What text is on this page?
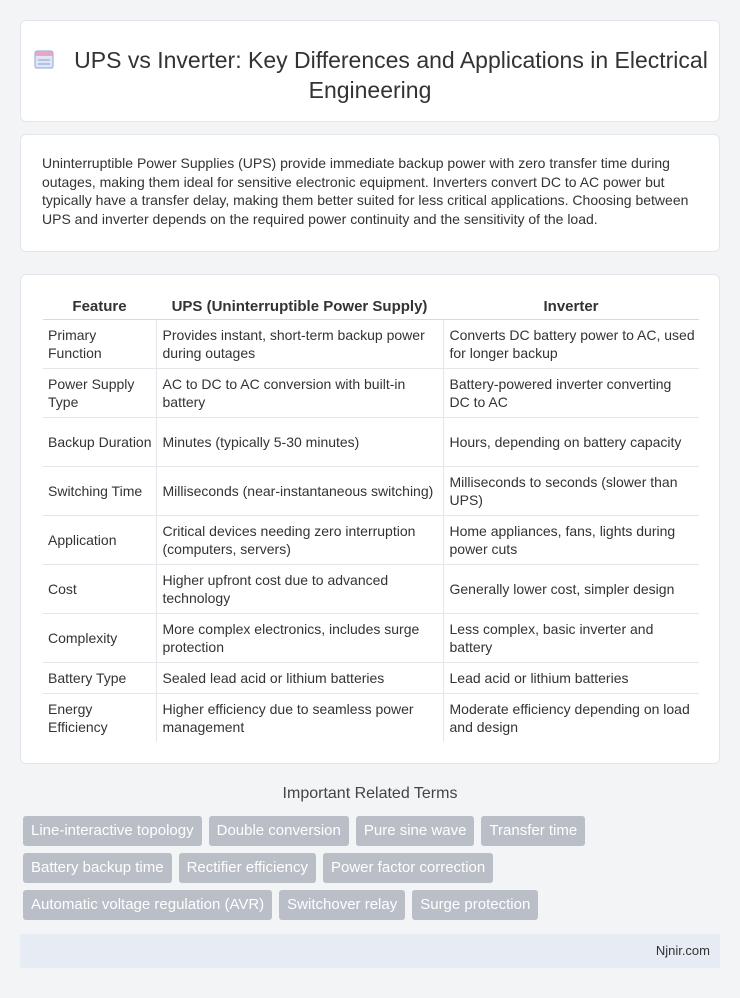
UPS vs Inverter: Key Differences and Applications in Electrical Engineering

Uninterruptible Power Supplies (UPS) provide immediate backup power with zero transfer time during outages, making them ideal for sensitive electronic equipment. Inverters convert DC to AC power but typically have a transfer delay, making them better suited for less critical applications. Choosing between UPS and inverter depends on the required power continuity and the sensitivity of the load.

Feature	UPS (Uninterruptible Power Supply)	Inverter
Primary Function	Provides instant, short-term backup power during outages	Converts DC battery power to AC, used for longer backup
Power Supply Type	AC to DC to AC conversion with built-in battery	Battery-powered inverter converting DC to AC
Backup Duration	Minutes (typically 5-30 minutes)	Hours, depending on battery capacity
Switching Time	Milliseconds (near-instantaneous switching)	Milliseconds to seconds (slower than UPS)
Application	Critical devices needing zero interruption (computers, servers)	Home appliances, fans, lights during power cuts
Cost	Higher upfront cost due to advanced technology	Generally lower cost, simpler design
Complexity	More complex electronics, includes surge protection	Less complex, basic inverter and battery
Battery Type	Sealed lead acid or lithium batteries	Lead acid or lithium batteries
Energy Efficiency	Higher efficiency due to seamless power management	Moderate efficiency depending on load and design
Important Related Terms
Line-interactive topology	Double conversion	Pure sine wave	Transfer time
Battery backup time	Rectifier efficiency	Power factor correction
Automatic voltage regulation (AVR)	Switchover relay	Surge protection
Njnir.com
